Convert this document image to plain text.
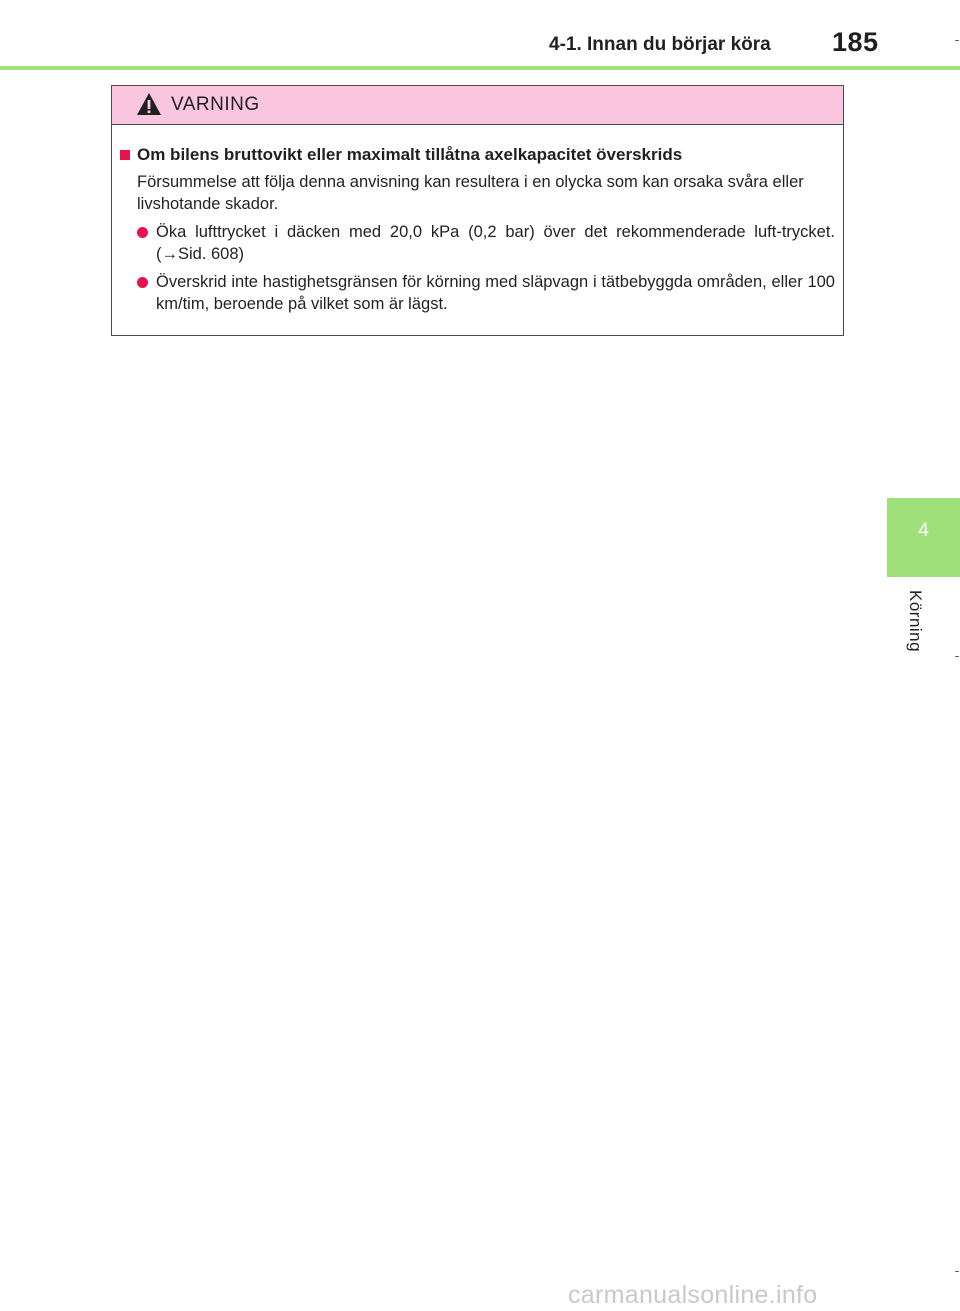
4-1. Innan du börjar köra 185
VARNING
Om bilens bruttovikt eller maximalt tillåtna axelkapacitet överskrids
Försummelse att följa denna anvisning kan resultera i en olycka som kan orsaka svåra eller livshotande skador.
Öka lufttrycket i däcken med 20,0 kPa (0,2 bar) över det rekommenderade luft-trycket. (→Sid. 608)
Överskrid inte hastighetsgränsen för körning med släpvagn i tätbebyggda områden, eller 100 km/tim, beroende på vilket som är lägst.
4
Körning
carmanualsonline.info
